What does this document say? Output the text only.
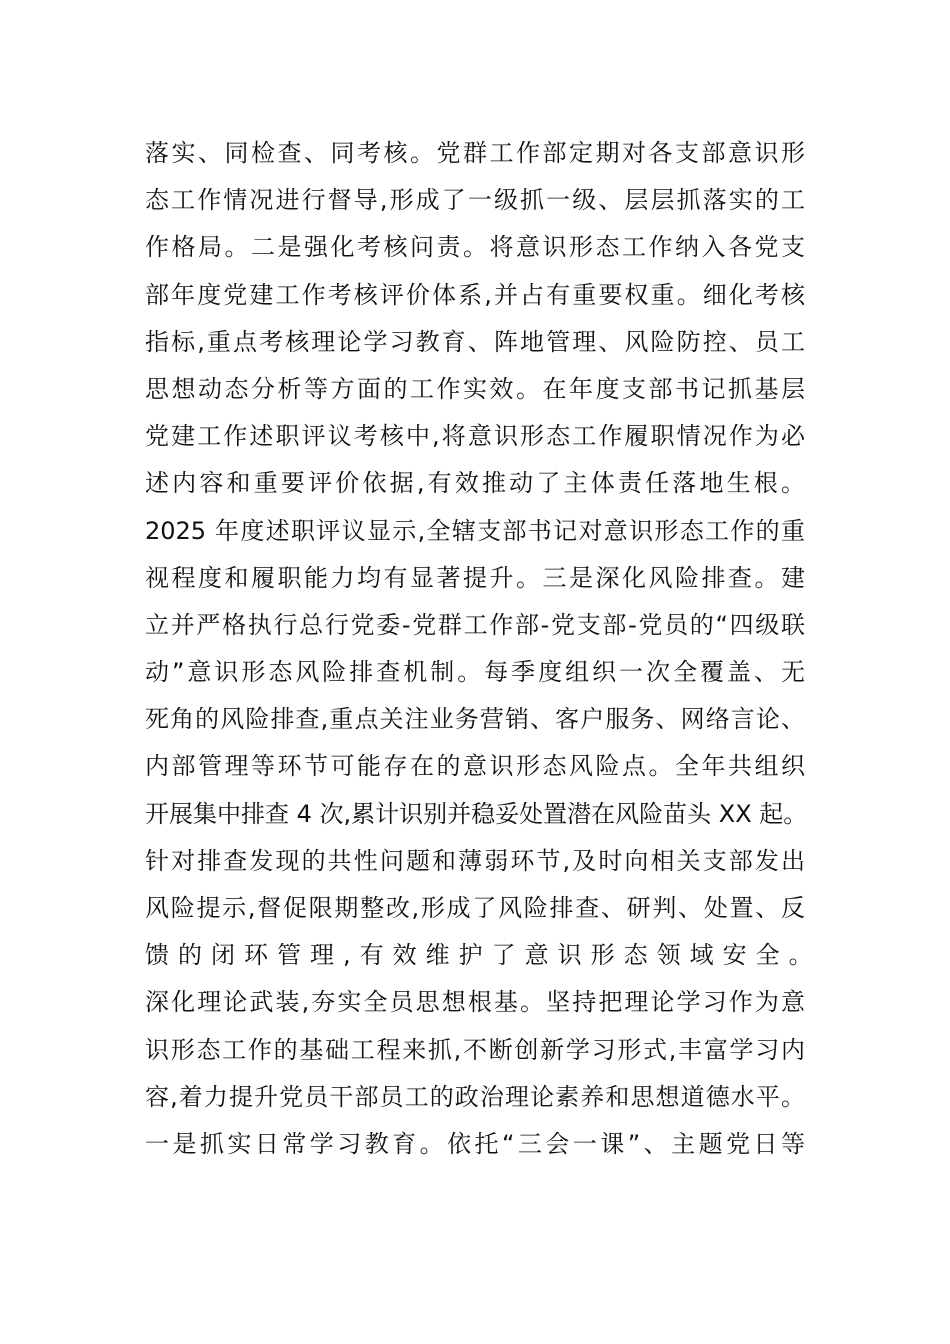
落实、同检查、同考核。党群工作部定期对各支部意识形
态工作情况进行督导,形成了一级抓一级、层层抓落实的工
作格局。二是强化考核问责。将意识形态工作纳入各党支
部年度党建工作考核评价体系,并占有重要权重。细化考核
指标,重点考核理论学习教育、阵地管理、风险防控、员工
思想动态分析等方面的工作实效。在年度支部书记抓基层
党建工作述职评议考核中,将意识形态工作履职情况作为必
述内容和重要评价依据,有效推动了主体责任落地生根。
2025 年度述职评议显示,全辖支部书记对意识形态工作的重
视程度和履职能力均有显著提升。三是深化风险排查。建
立并严格执行总行党委-党群工作部-党支部-党员的“四级联
动”意识形态风险排查机制。每季度组织一次全覆盖、无
死角的风险排查,重点关注业务营销、客户服务、网络言论、
内部管理等环节可能存在的意识形态风险点。全年共组织
开展集中排查 4 次,累计识别并稳妥处置潜在风险苗头 XX 起。
针对排查发现的共性问题和薄弱环节,及时向相关支部发出
风险提示,督促限期整改,形成了风险排查、研判、处置、反
馈的闭环管理,有效维护了意识形态领域安全。
深化理论武装,夯实全员思想根基。坚持把理论学习作为意
识形态工作的基础工程来抓,不断创新学习形式,丰富学习内
容,着力提升党员干部员工的政治理论素养和思想道德水平。
一是抓实日常学习教育。依托“三会一课”、主题党日等
